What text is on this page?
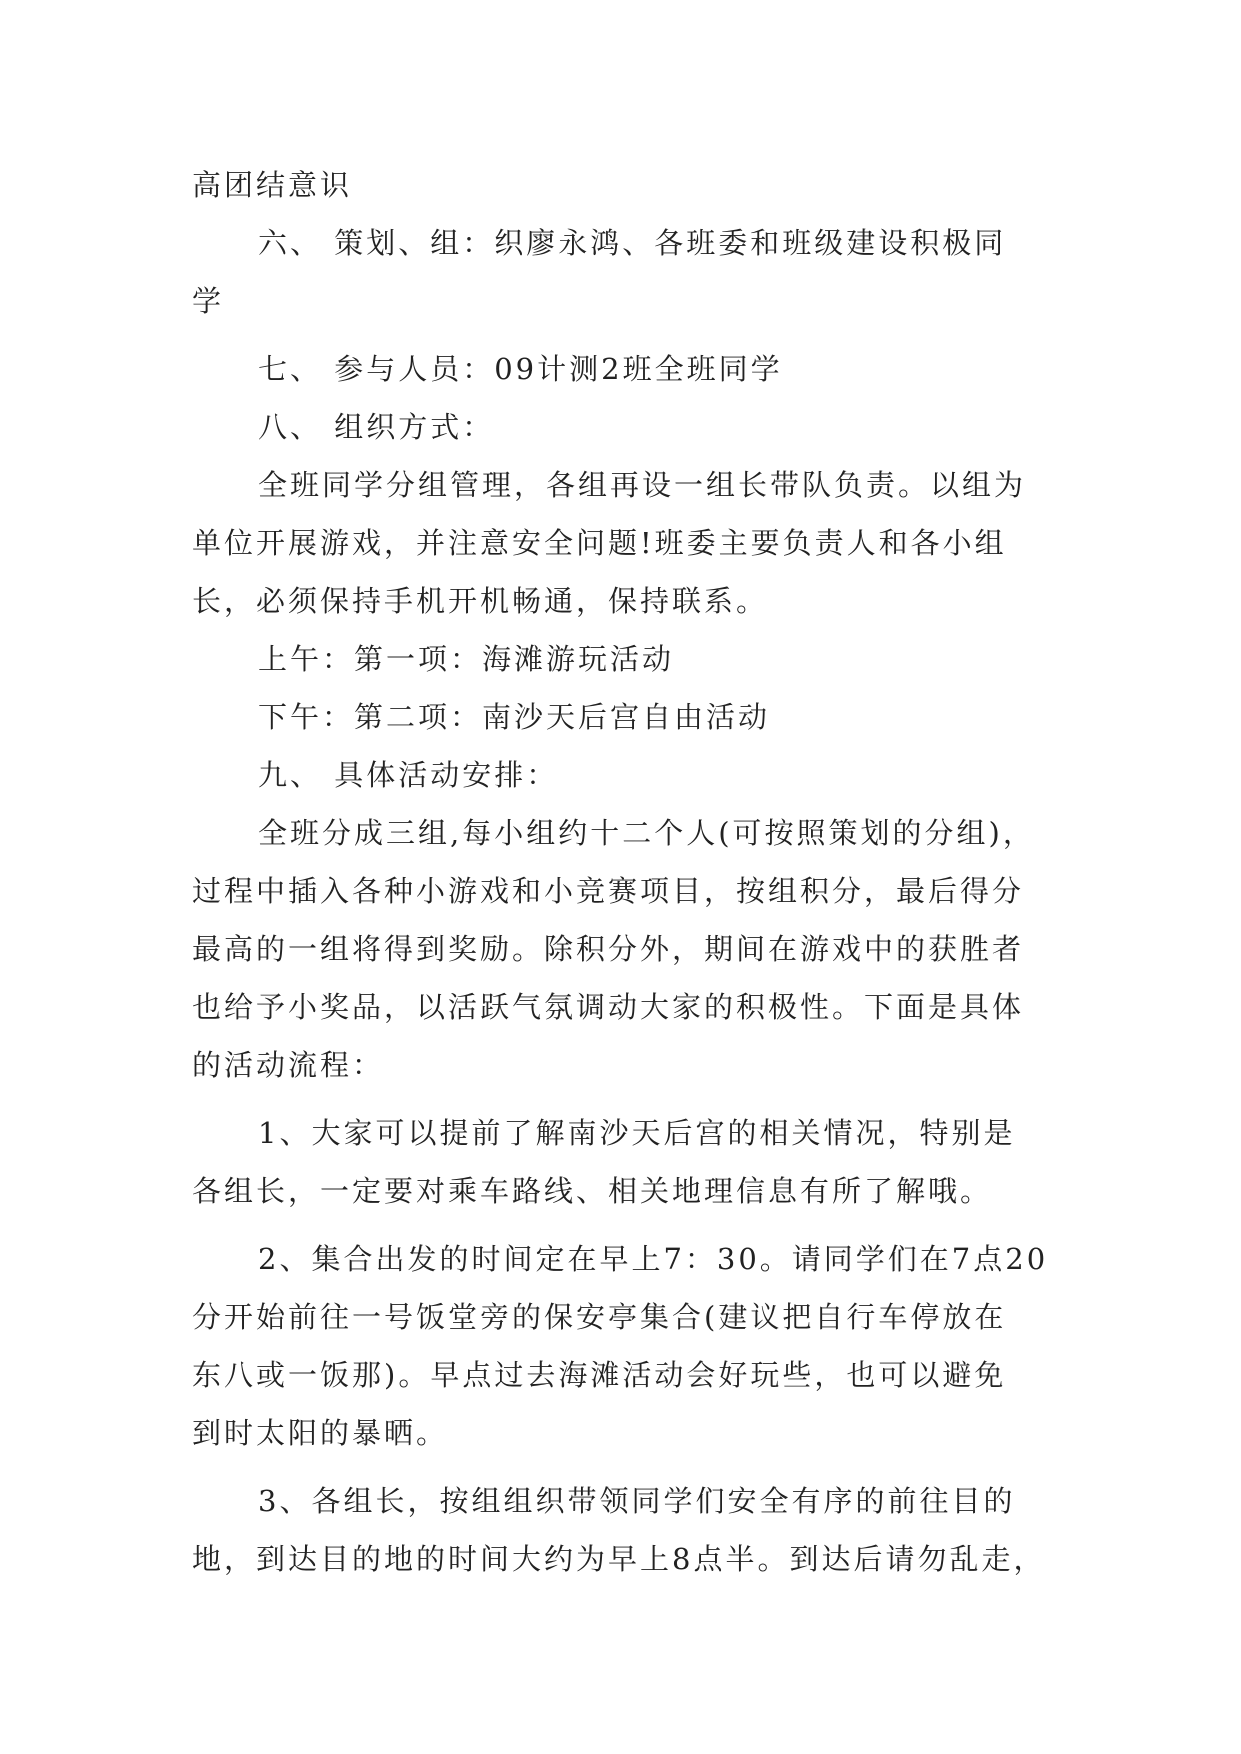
高团结意识
六、 策划、组：织廖永鸿、各班委和班级建设积极同
学
七、 参与人员：09计测2班全班同学
八、 组织方式：
全班同学分组管理，各组再设一组长带队负责。以组为
单位开展游戏，并注意安全问题!班委主要负责人和各小组
长，必须保持手机开机畅通，保持联系。
上午：第一项：海滩游玩活动
下午：第二项：南沙天后宫自由活动
九、 具体活动安排：
全班分成三组,每小组约十二个人(可按照策划的分组)，
过程中插入各种小游戏和小竞赛项目，按组积分，最后得分
最高的一组将得到奖励。除积分外，期间在游戏中的获胜者
也给予小奖品，以活跃气氛调动大家的积极性。下面是具体
的活动流程：
1、大家可以提前了解南沙天后宫的相关情况，特别是
各组长，一定要对乘车路线、相关地理信息有所了解哦。
2、集合出发的时间定在早上7：30。请同学们在7点20
分开始前往一号饭堂旁的保安亭集合(建议把自行车停放在
东八或一饭那)。早点过去海滩活动会好玩些，也可以避免
到时太阳的暴晒。
3、各组长，按组组织带领同学们安全有序的前往目的
地，到达目的地的时间大约为早上8点半。到达后请勿乱走，
